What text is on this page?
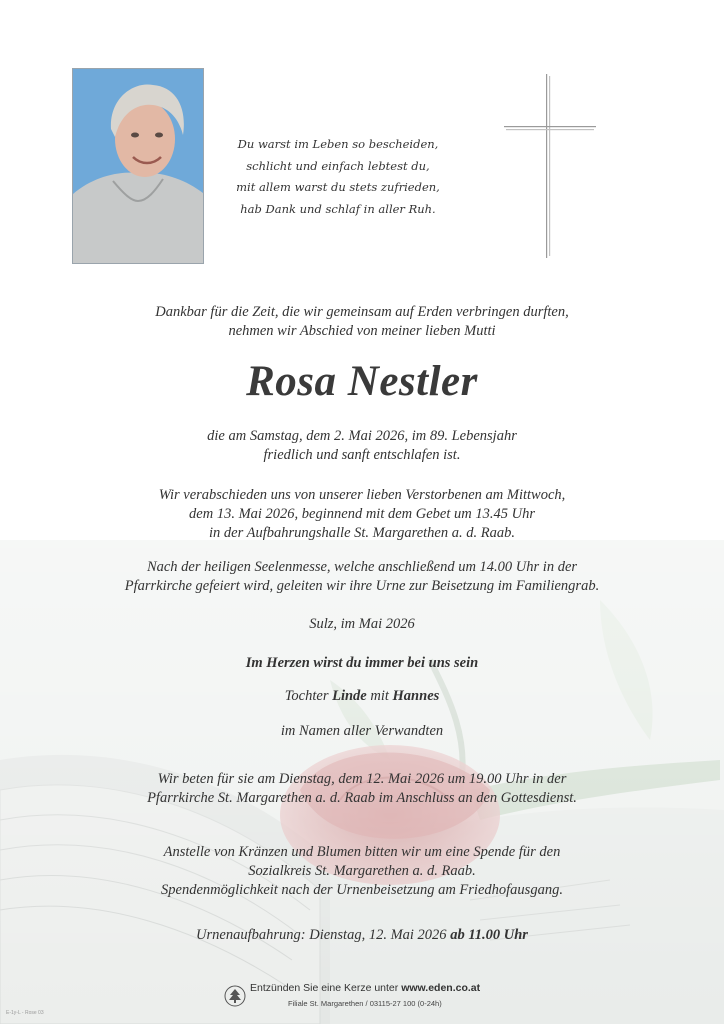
Du warst im Leben so bescheiden,
schlicht und einfach lebtest du,
mit allem warst du stets zufrieden,
hab Dank und schlaf in aller Ruh.
Dankbar für die Zeit, die wir gemeinsam auf Erden verbringen durften,
nehmen wir Abschied von meiner lieben Mutti
Rosa Nestler
die am Samstag, dem 2. Mai 2026, im 89. Lebensjahr
friedlich und sanft entschlafen ist.
Wir verabschieden uns von unserer lieben Verstorbenen am Mittwoch,
dem 13. Mai 2026, beginnend mit dem Gebet um 13.45 Uhr
in der Aufbahrungshalle St. Margarethen a. d. Raab.
Nach der heiligen Seelenmesse, welche anschließend um 14.00 Uhr in der
Pfarrkirche gefeiert wird, geleiten wir ihre Urne zur Beisetzung im Familiengrab.
Sulz, im Mai 2026
Im Herzen wirst du immer bei uns sein
Tochter Linde mit Hannes
im Namen aller Verwandten
Wir beten für sie am Dienstag, dem 12. Mai 2026 um 19.00 Uhr in der
Pfarrkirche St. Margarethen a. d. Raab im Anschluss an den Gottesdienst.
Anstelle von Kränzen und Blumen bitten wir um eine Spende für den
Sozialkreis St. Margarethen a. d. Raab.
Spendenmöglichkeit nach der Urnenbeisetzung am Friedhofausgang.
Urnenaufbahrung: Dienstag, 12. Mai 2026 ab 11.00 Uhr
Entzünden Sie eine Kerze unter www.eden.co.at
Filiale St. Margarethen / 03115-27 100 (0-24h)
E-1y-L - Rose 03
